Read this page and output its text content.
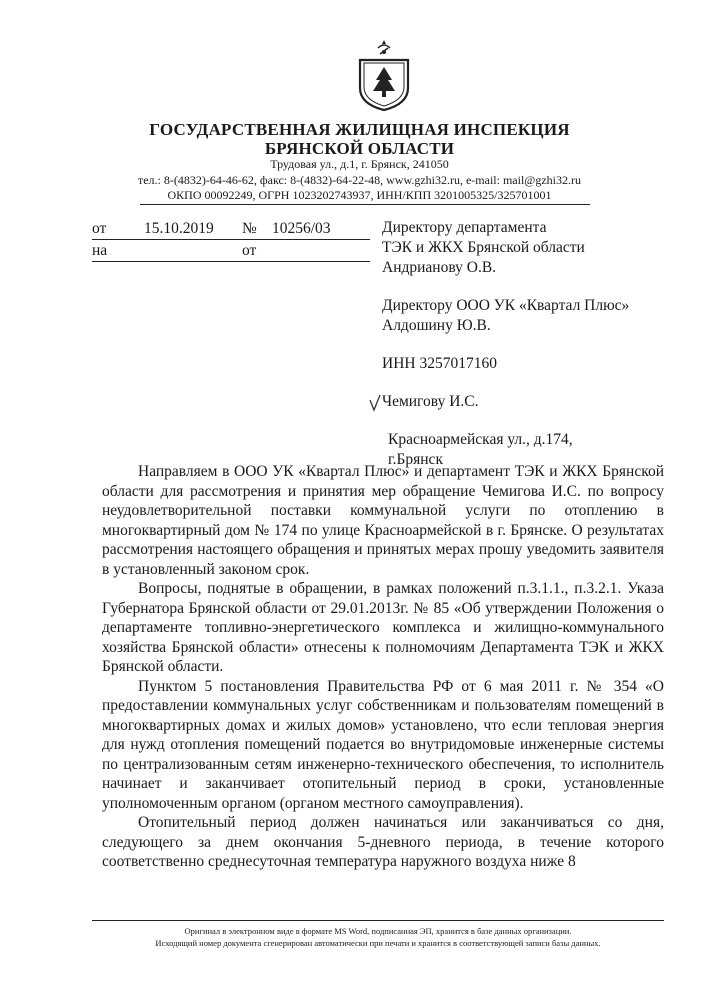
ГОСУДАРСТВЕННАЯ ЖИЛИЩНАЯ ИНСПЕКЦИЯ
БРЯНСКОЙ ОБЛАСТИ
Трудовая ул., д.1, г. Брянск, 241050
тел.: 8-(4832)-64-46-62, факс: 8-(4832)-64-22-48, www.gzhi32.ru, e-mail: mail@gzhi32.ru
ОКПО 00092249, ОГРН 1023202743937, ИНН/КПП 3201005325/325701001
от 15.10.2019 № 10256/03
на	от
Директору департамента
ТЭК и ЖКХ Брянской области
Андрианову О.В.
Директору ООО УК «Квартал Плюс»
Алдошину Ю.В.
ИНН 3257017160
Чемигову И.С.
Красноармейская ул., д.174,
г.Брянск

Направляем в ООО УК «Квартал Плюс» и департамент ТЭК и ЖКХ Брянской области для рассмотрения и принятия мер обращение Чемигова И.С. по вопросу неудовлетворительной поставки коммунальной услуги по отоплению в многоквартирный дом № 174 по улице Красноармейской в г. Брянске. О результатах рассмотрения настоящего обращения и принятых мерах прошу уведомить заявителя в установленный законом срок.

Вопросы, поднятые в обращении, в рамках положений п.3.1.1., п.3.2.1. Указа Губернатора Брянской области от 29.01.2013г. № 85 «Об утверждении Положения о департаменте топливно-энергетического комплекса и жилищно-коммунального хозяйства Брянской области» отнесены к полномочиям Департамента ТЭК и ЖКХ Брянской области.

Пунктом 5 постановления Правительства РФ от 6 мая 2011 г. № 354 «О предоставлении коммунальных услуг собственникам и пользователям помещений в многоквартирных домах и жилых домов» установлено, что если тепловая энергия для нужд отопления помещений подается во внутридомовые инженерные системы по централизованным сетям инженерно-технического обеспечения, то исполнитель начинает и заканчивает отопительный период в сроки, установленные уполномоченным органом (органом местного самоуправления).

Отопительный период должен начинаться или заканчиваться со дня, следующего за днем окончания 5-дневного периода, в течение которого соответственно среднесуточная температура наружного воздуха ниже 8

Оригинал в электронном виде в формате MS Word, подписанная ЭП, хранится в базе данных организации.
Исходящий номер документа сгенерирован автоматически при печати и хранится в соответствующей записи базы данных.
